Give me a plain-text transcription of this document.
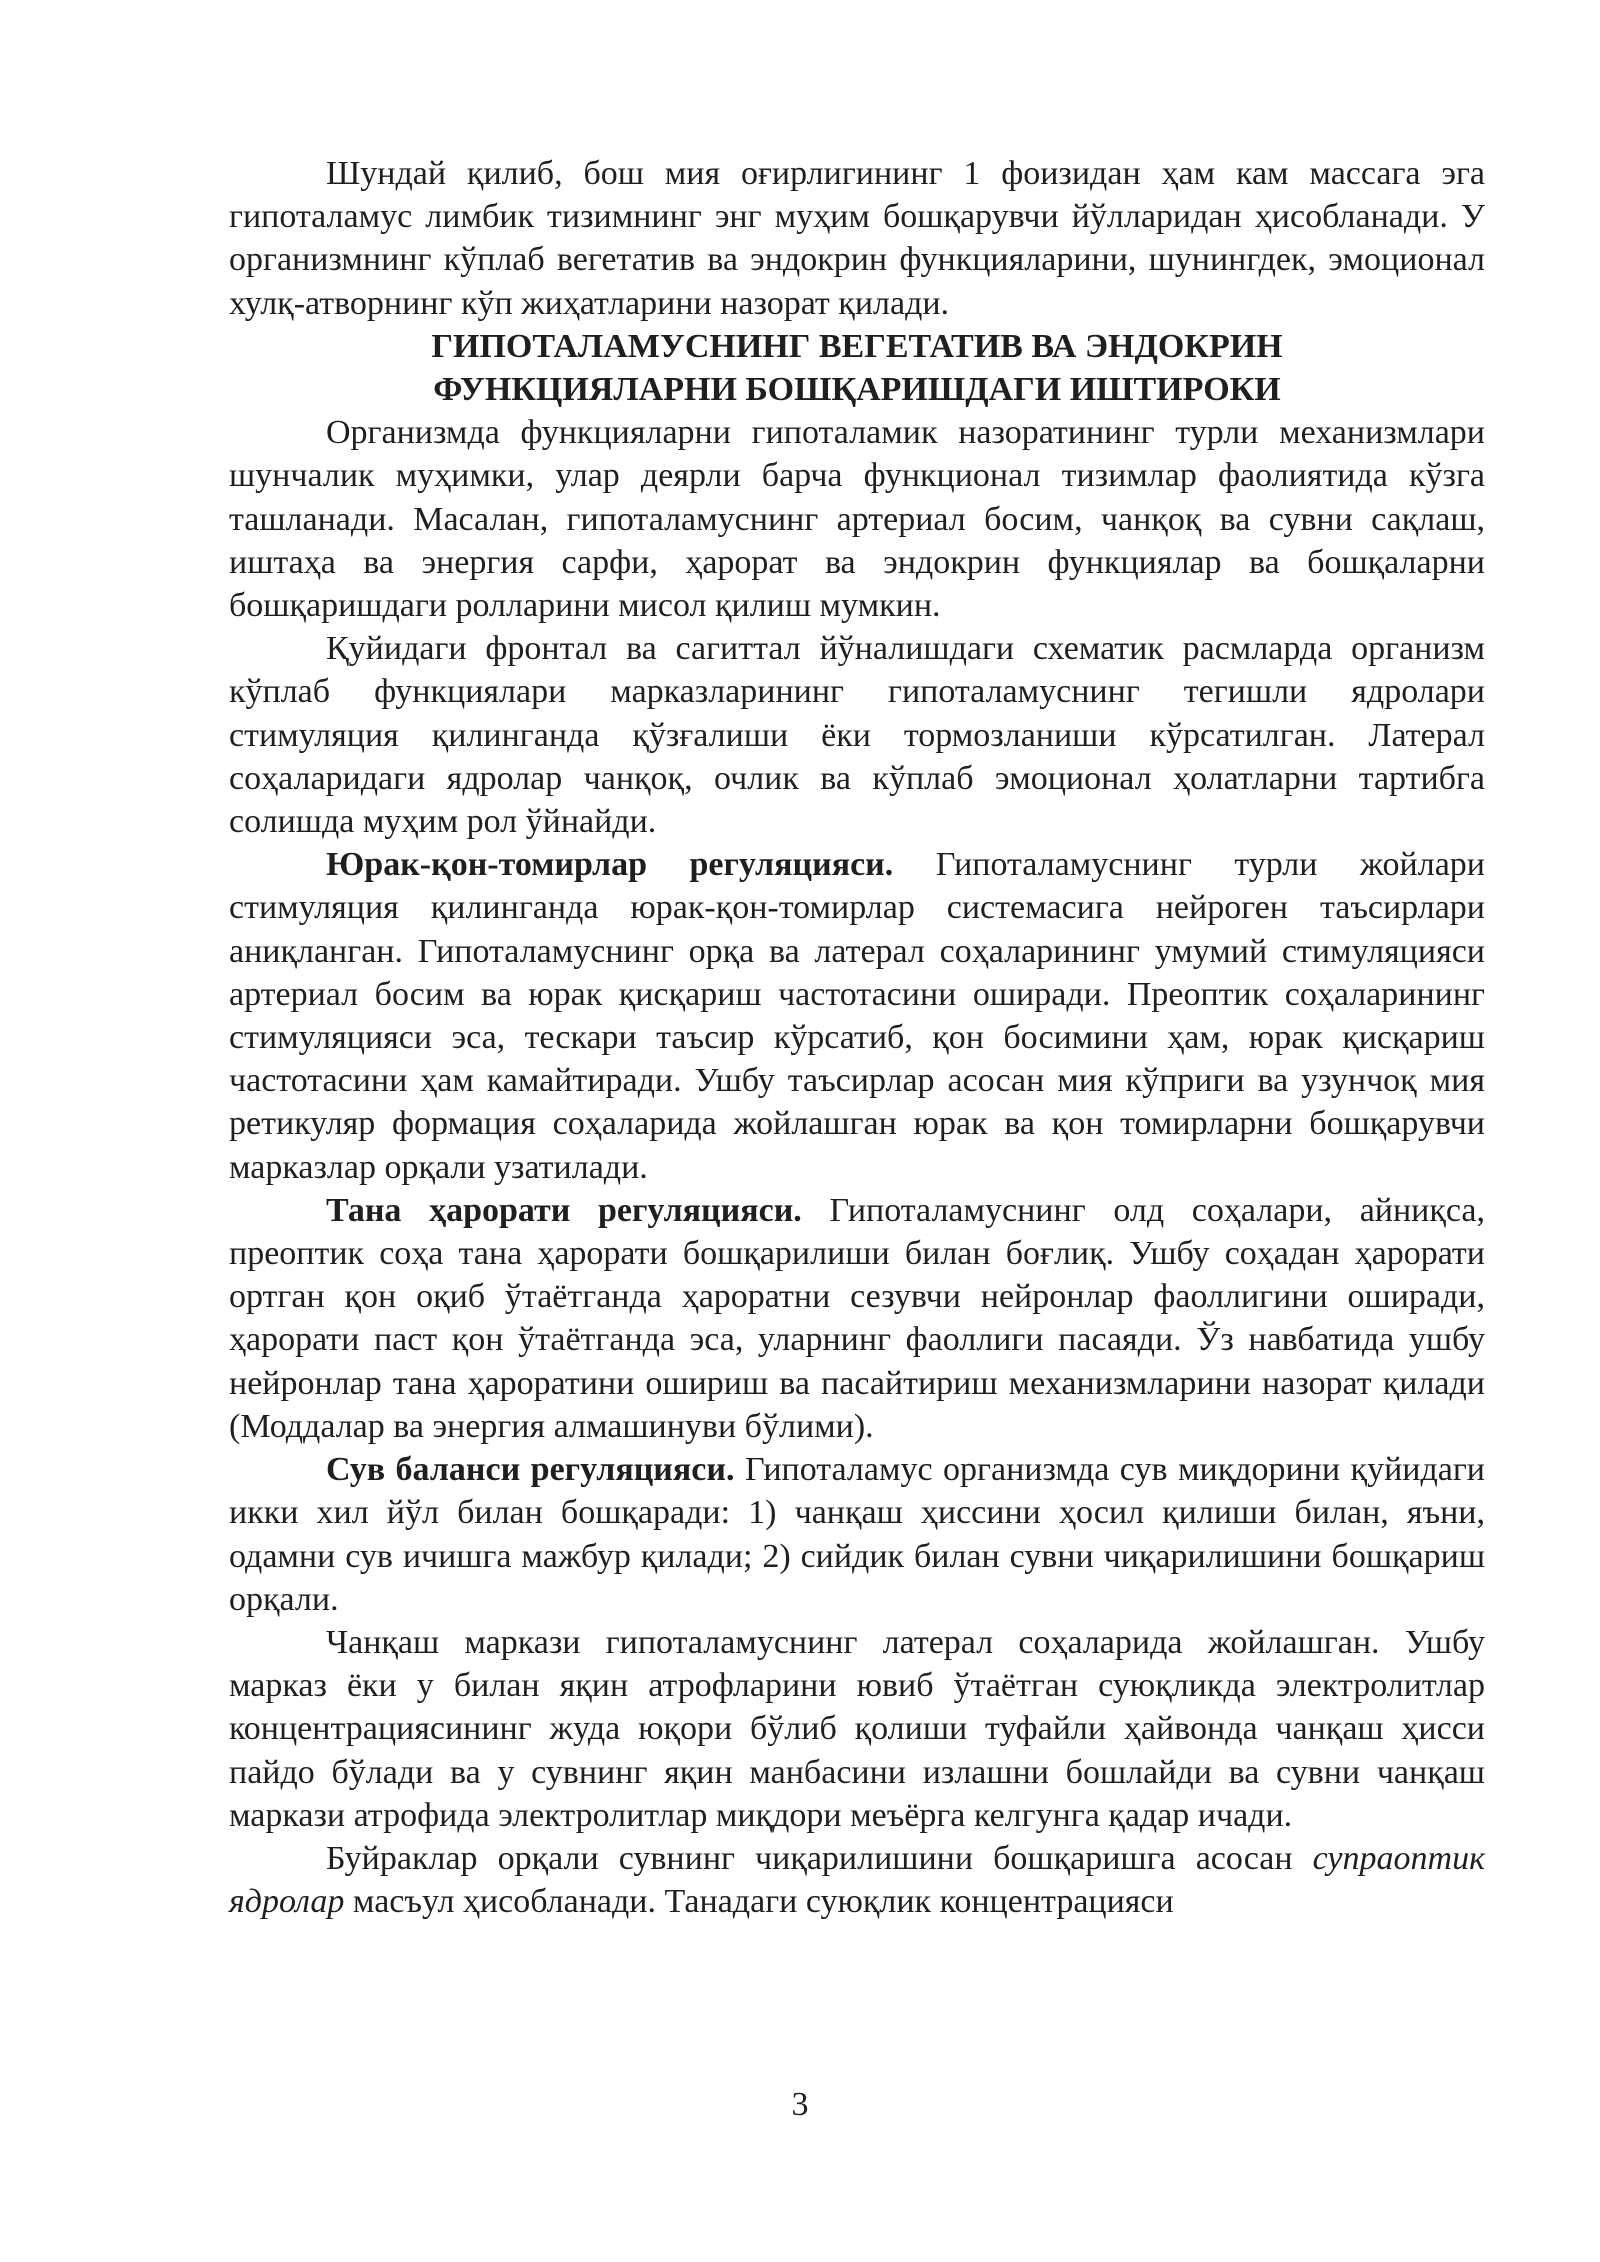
Шундай қилиб, бош мия оғирлигининг 1 фоизидан ҳам кам массага эга гипоталамус лимбик тизимнинг энг муҳим бошқарувчи йўлларидан ҳисобланади. У организмнинг кўплаб вегетатив ва эндокрин функцияларини, шунингдек, эмоционал хулқ-атворнинг кўп жиҳатларини назорат қилади.

ГИПОТАЛАМУСНИНГ ВЕГЕТАТИВ ВА ЭНДОКРИН
ФУНКЦИЯЛАРНИ БОШҚАРИШДАГИ ИШТИРОКИ

Организмда функцияларни гипоталамик назоратининг турли механизмлари шунчалик муҳимки, улар деярли барча функционал тизимлар фаолиятида кўзга ташланади. Масалан, гипоталамуснинг артериал босим, чанқоқ ва сувни сақлаш, иштаҳа ва энергия сарфи, ҳарорат ва эндокрин функциялар ва бошқаларни бошқаришдаги ролларини мисол қилиш мумкин.

Қуйидаги фронтал ва сагиттал йўналишдаги схематик расмларда организм кўплаб функциялари марказларининг гипоталамуснинг тегишли ядролари стимуляция қилинганда қўзғалиши ёки тормозланиши кўрсатилган. Латерал соҳаларидаги ядролар чанқоқ, очлик ва кўплаб эмоционал ҳолатларни тартибга солишда муҳим рол ўйнайди.

Юрак-қон-томирлар регуляцияси. Гипоталамуснинг турли жойлари стимуляция қилинганда юрак-қон-томирлар системасига нейроген таъсирлари аниқланган. Гипоталамуснинг орқа ва латерал соҳаларининг умумий стимуляцияси артериал босим ва юрак қисқариш частотасини оширади. Преоптик соҳаларининг стимуляцияси эса, тескари таъсир кўрсатиб, қон босимини ҳам, юрак қисқариш частотасини ҳам камайтиради. Ушбу таъсирлар асосан мия кўприги ва узунчоқ мия ретикуляр формация соҳаларида жойлашган юрак ва қон томирларни бошқарувчи марказлар орқали узатилади.

Тана ҳарорати регуляцияси. Гипоталамуснинг олд соҳалари, айниқса, преоптик соҳа тана ҳарорати бошқарилиши билан боғлиқ. Ушбу соҳадан ҳарорати ортган қон оқиб ўтаётганда ҳароратни сезувчи нейронлар фаоллигини оширади, ҳарорати паст қон ўтаётганда эса, уларнинг фаоллиги пасаяди. Ўз навбатида ушбу нейронлар тана ҳароратини ошириш ва пасайтириш механизмларини назорат қилади (Моддалар ва энергия алмашинуви бўлими).

Сув баланси регуляцияси. Гипоталамус организмда сув миқдорини қуйидаги икки хил йўл билан бошқаради: 1) чанқаш ҳиссини ҳосил қилиши билан, яъни, одамни сув ичишга мажбур қилади; 2) сийдик билан сувни чиқарилишини бошқариш орқали.

Чанқаш маркази гипоталамуснинг латерал соҳаларида жойлашган. Ушбу марказ ёки у билан яқин атрофларини ювиб ўтаётган суюқликда электролитлар концентрациясининг жуда юқори бўлиб қолиши туфайли ҳайвонда чанқаш ҳисси пайдо бўлади ва у сувнинг яқин манбасини излашни бошлайди ва сувни чанқаш маркази атрофида электролитлар миқдори меъёрга келгунга қадар ичади.

Буйраклар орқали сувнинг чиқарилишини бошқаришга асосан супраоптик ядролар масъул ҳисобланади. Танадаги суюқлик концентрацияси

3
